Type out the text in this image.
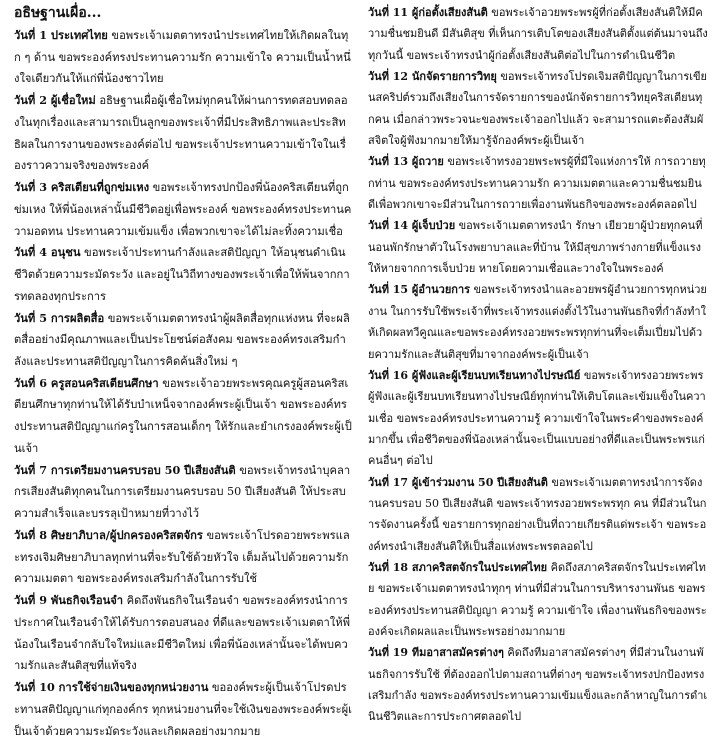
อธิษฐานเผื่อ...

วันที่ 1 ประเทศไทย ขอพระเจ้าเมตตาทรงนำประเทศไทยให้เกิดผลในทุก ๆ ด้าน ขอพระองค์ทรงประทานความรัก ความเข้าใจ ความเป็นน้ำหนึ่งใจเดียวกันให้แก่พี่น้องชาวไทย

วันที่ 2 ผู้เชื่อใหม่ อธิษฐานเผื่อผู้เชื่อใหม่ทุกคนให้ผ่านการทดสอบทดลองในทุกเรื่องและสามารถเป็นลูกของพระเจ้าที่มีประสิทธิภาพและประสิทธิผลในการงานของพระองค์ต่อไป ขอพระเจ้าประทานความเข้าใจในเรื่องราวความจริงของพระองค์

วันที่ 3 คริสเตียนที่ถูกข่มเหง ขอพระเจ้าทรงปกป้องพี่น้องคริสเตียนที่ถูกข่มเหง ให้พี่น้องเหล่านั้นมีชีวิตอยู่เพื่อพระองค์ ขอพระองค์ทรงประทานความอดทน ประทานความเข้มแข็ง เพื่อพวกเขาจะได้ไม่ละทิ้งความเชื่อ

วันที่ 4 อนุชน ขอพระเจ้าประทานกำลังและสติปัญญา ให้อนุชนดำเนินชีวิตด้วยความระมัดระวัง และอยู่ในวิถีทางของพระเจ้าเพื่อให้พ้นจากการทดลองทุกประการ

วันที่ 5 การผลิตสื่อ ขอพระเจ้าเมตตาทรงนำผู้ผลิตสื่อทุกแห่งหน ที่จะผลิตสื่ออย่างมีคุณภาพและเป็นประโยชน์ต่อสังคม ขอพระองค์ทรงเสริมกำลังและประทานสติปัญญาในการคิดค้นสิ่งใหม่ ๆ

วันที่ 6 ครูสอนคริสเตียนศึกษา ขอพระเจ้าอวยพระพรคุณครูผู้สอนคริสเตียนศึกษาทุกท่านให้ได้รับบำเหน็จจากองค์พระผู้เป็นเจ้า ขอพระองค์ทรงประทานสติปัญญาแก่ครูในการสอนเด็กๆ ให้รักและยำเกรงองค์พระผู้เป็นเจ้า

วันที่ 7 การเตรียมงานครบรอบ 50 ปีเสียงสันติ ขอพระเจ้าทรงนำบุคลากรเสียงสันติทุกคนในการเตรียมงานครบรอบ 50 ปีเสียงสันติ ให้ประสบความสำเร็จและบรรลุเป้าหมายที่วางไว้

วันที่ 8 ศิษยาภิบาล/ผู้ปกครองคริสตจักร ขอพระเจ้าโปรดอวยพระพรและทรงเจิมศิษยาภิบาลทุกท่านที่จะรับใช้ด้วยหัวใจ เต็มล้นไปด้วยความรักความเมตตา ขอพระองค์ทรงเสริมกำลังในการรับใช้

วันที่ 9 พันธกิจเรือนจำ คิดถึงพันธกิจในเรือนจำ ขอพระองค์ทรงนำการประกาศในเรือนจำให้ได้รับการตอบสนอง ที่ดีและขอพระเจ้าเมตตาให้พี่น้องในเรือนจำกลับใจใหม่และมีชีวิตใหม่ เพื่อพี่น้องเหล่านั้นจะได้พบความรักและสันติสุขที่แท้จริง

วันที่ 10 การใช้จ่ายเงินของทุกหน่วยงาน ขอองค์พระผู้เป็นเจ้าโปรดประทานสติปัญญาแก่ทุกองค์กร ทุกหน่วยงานที่จะใช้เงินของพระองค์พระผู้เป็นเจ้าด้วยความระมัดระวังและเกิดผลอย่างมากมาย

วันที่ 11 ผู้ก่อตั้งเสียงสันติ ขอพระเจ้าอวยพระพรผู้ที่ก่อตั้งเสียงสันติให้มีความชื่นชมยินดี มีสันติสุข ที่เห็นการเติบโตของเสียงสันติตั้งแต่ต้นมาจนถึงทุกวันนี้ ขอพระเจ้าทรงนำผู้ก่อตั้งเสียงสันติต่อไปในการดำเนินชีวิต

วันที่ 12 นักจัดรายการวิทยุ ขอพระเจ้าทรงโปรดเจิมสติปัญญาในการเขียนสคริปต์รวมถึงเสียงในการจัดรายการของนักจัดรายการวิทยุคริสเตียนทุกคน เมื่อกล่าวพระวจนะของพระเจ้าออกไปแล้ว จะสามารถแตะต้องสัมผัสจิตใจผู้ฟังมากมายให้มารู้จักองค์พระผู้เป็นเจ้า

วันที่ 13 ผู้ถวาย ขอพระเจ้าทรงอวยพระพรผู้ที่มีใจแห่งการให้ การถวายทุกท่าน ขอพระองค์ทรงประทานความรัก ความเมตตาและความชื่นชมยินดีเพื่อพวกเขาจะมีส่วนในการถวายเพื่องานพันธกิจของพระองค์ตลอดไป

วันที่ 14 ผู้เจ็บป่วย ขอพระเจ้าเมตตาทรงนำ รักษา เยียวยาผู้ป่วยทุกคนที่นอนพักรักษาตัวในโรงพยาบาลและที่บ้าน ให้มีสุขภาพร่างกายที่แข็งแรง ให้หายจากการเจ็บป่วย หายโดยความเชื่อและวางใจในพระองค์

วันที่ 15 ผู้อำนวยการ ขอพระเจ้าทรงนำและอวยพรผู้อำนวยการทุกหน่วยงาน ในการรับใช้พระเจ้าที่พระเจ้าทรงแต่งตั้งไว้ในงานพันธกิจที่กำลังทำให้เกิดผลทวีคูณและขอพระองค์ทรงอวยพระพรทุกท่านที่จะเต็มเปี่ยมไปด้วยความรักและสันติสุขที่มาจากองค์พระผู้เป็นเจ้า

วันที่ 16 ผู้ฟังและผู้เรียนบทเรียนทางไปรษณีย์ ขอพระเจ้าทรงอวยพระพรผู้ฟังและผู้เรียนบทเรียนทางไปรษณีย์ทุกท่านให้เติบโตและเข้มแข็งในความเชื่อ ขอพระองค์ทรงประทานความรู้ ความเข้าใจในพระคำของพระองค์มากขึ้น เพื่อชีวิตของพี่น้องเหล่านั้นจะเป็นแบบอย่างที่ดีและเป็นพระพรแก่คนอื่นๆ ต่อไป

วันที่ 17 ผู้เข้าร่วมงาน 50 ปีเสียงสันติ ขอพระเจ้าเมตตาทรงนำการจัดงานครบรอบ 50 ปีเสียงสันติ ขอพระเจ้าทรงอวยพระพรทุก คน ที่มีส่วนในการจัดงานครั้งนี้ ขอรายการทุกอย่างเป็นที่ถวายเกียรติแด่พระเจ้า ขอพระองค์ทรงนำเสียงสันติให้เป็นสื่อแห่งพระพรตลอดไป

วันที่ 18 สภาคริสตจักรในประเทศไทย คิดถึงสภาคริสตจักรในประเทศไทย ขอพระเจ้าเมตตาทรงนำทุกๆ ท่านที่มีส่วนในการบริหารงานพันธ ขอพระองค์ทรงประทานสติปัญญา ความรู้ ความเข้าใจ เพื่องานพันธกิจของพระองค์จะเกิดผลและเป็นพระพรอย่างมากมาย

วันที่ 19 ทีมอาสาสมัครต่างๆ คิดถึงทีมอาสาสมัครต่างๆ ที่มีส่วนในงานพันธกิจการรับใช้ ที่ต้องออกไปตามสถานที่ต่างๆ ขอพระเจ้าทรงปกป้องทรงเสริมกำลัง ขอพระองค์ทรงประทานความเข้มแข็งและกล้าหาญในการดำเนินชีวิตและการประกาศตลอดไป
